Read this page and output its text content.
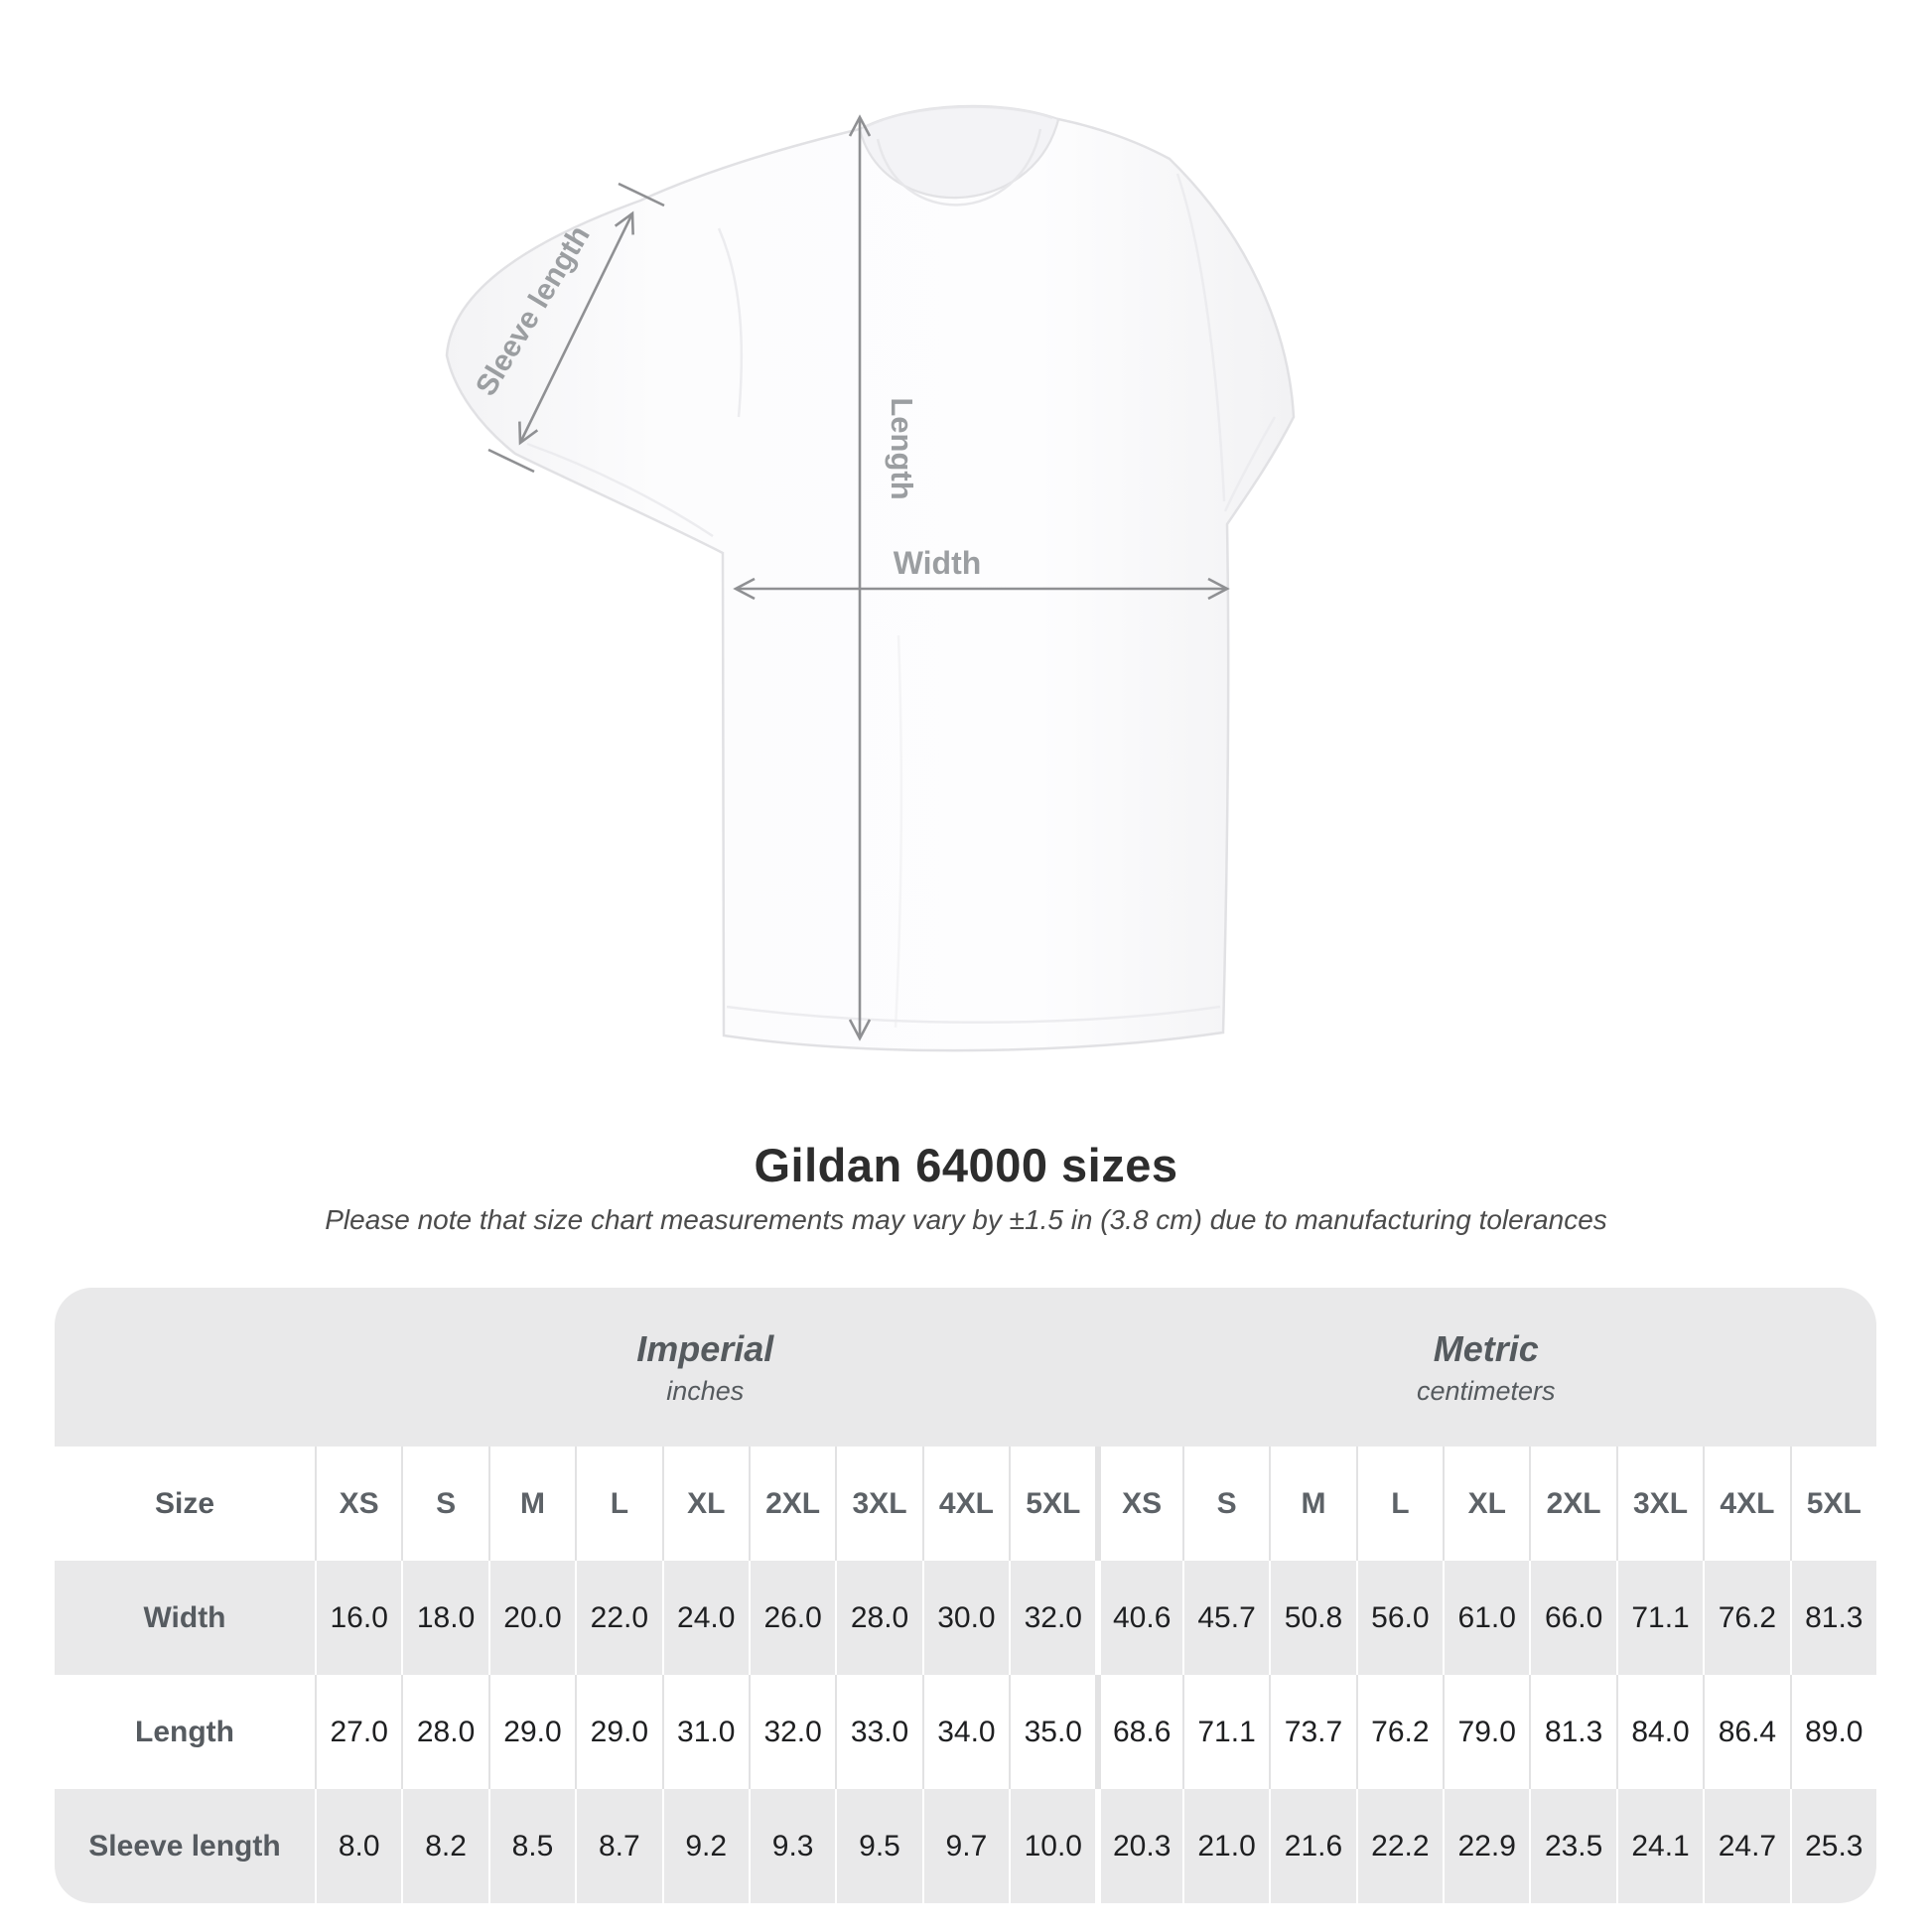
Sleeve length
Length
Width
Gildan 64000 sizes
Please note that size chart measurements may vary by ±1.5 in (3.8 cm) due to manufacturing tolerances
Imperial
inches
Metric
centimeters
Size	XS	S	M	L	XL	2XL	3XL	4XL	5XL	XS	S	M	L	XL	2XL	3XL	4XL	5XL
Width	16.0 18.0 20.0 22.0 24.0 26.0 28.0 30.0 32.0	40.6 45.7 50.8 56.0 61.0 66.0 71.1 76.2 81.3
Length	27.0 28.0 29.0 29.0 31.0 32.0 33.0 34.0 35.0	68.6 71.1 73.7 76.2 79.0 81.3 84.0 86.4 89.0
Sleeve length	8.0	8.2	8.5	8.7	9.2	9.3	9.5	9.7	10.0	20.3 21.0 21.6 22.2 22.9 23.5 24.1 24.7 25.3
